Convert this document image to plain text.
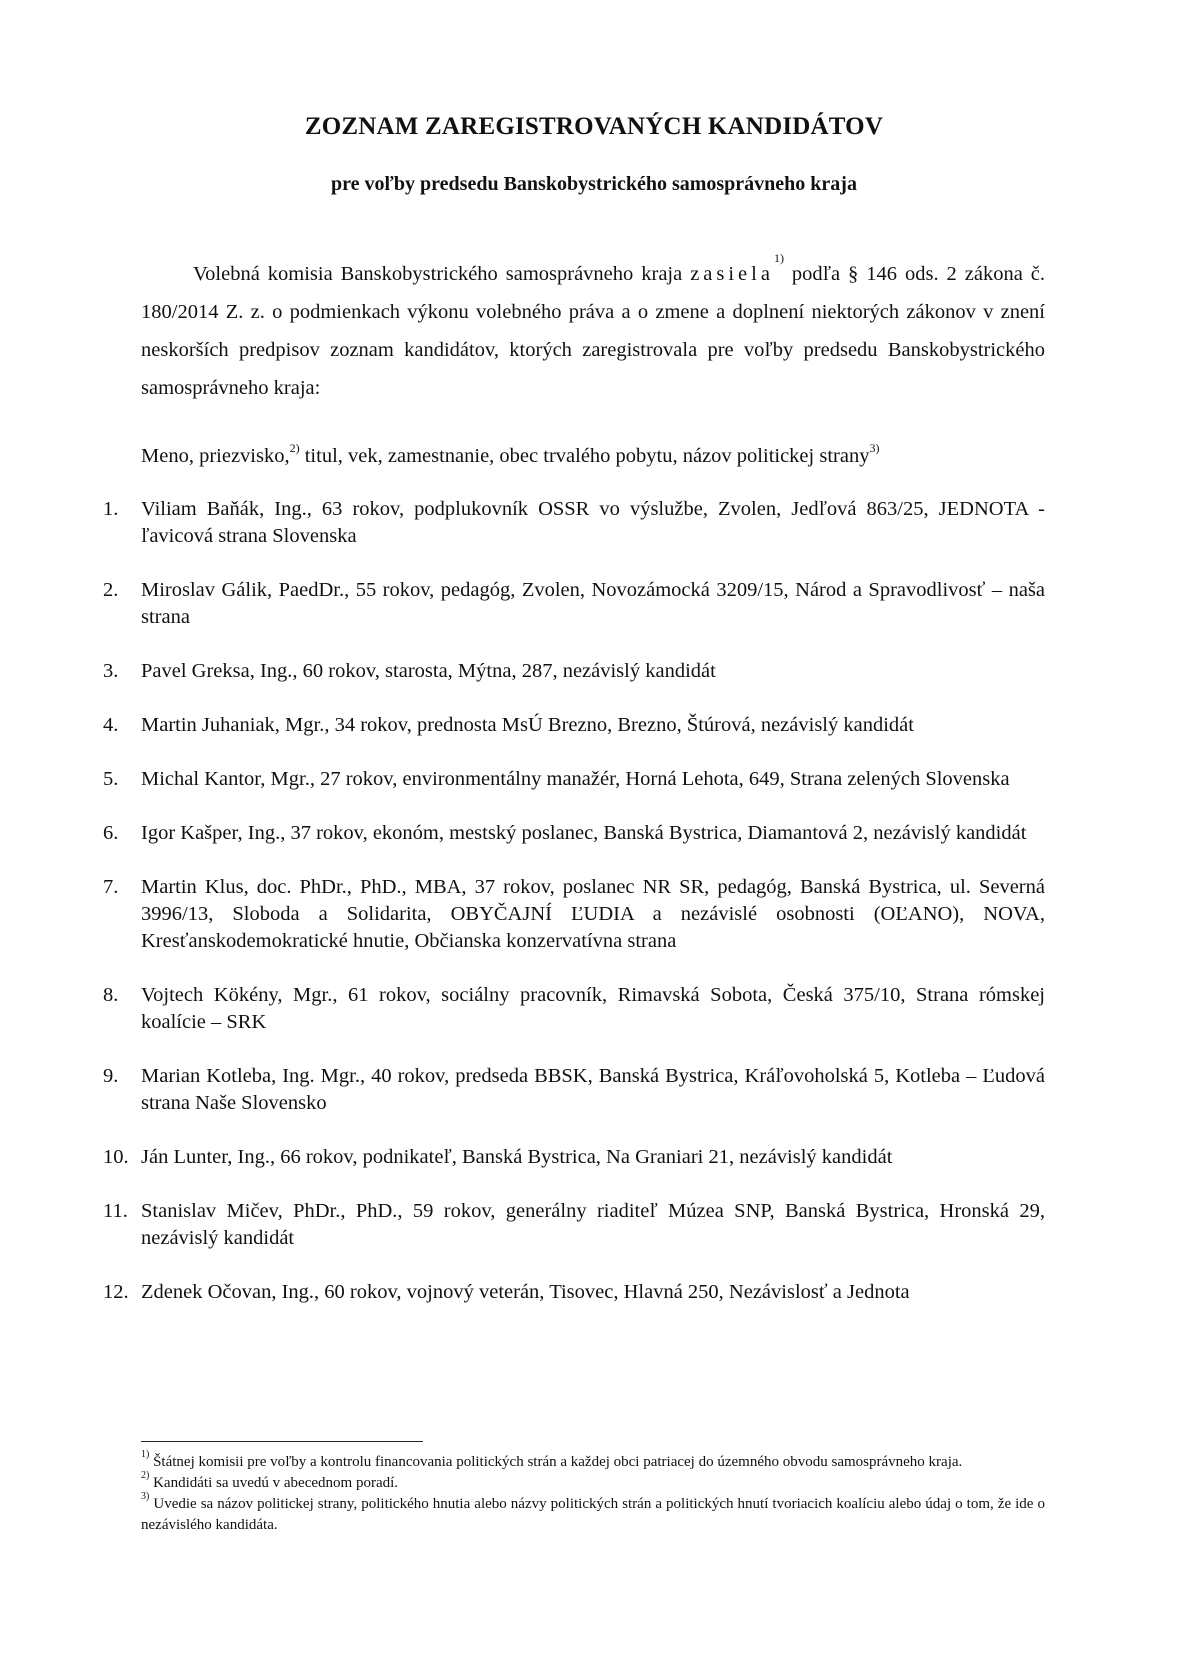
ZOZNAM ZAREGISTROVANÝCH KANDIDÁTOV
pre voľby predsedu Banskobystrického samosprávneho kraja

Volebná komisia Banskobystrického samosprávneho kraja zasiela$^{1)}$ podľa § 146 ods. 2 zákona č. 180/2014 Z. z. o podmienkach výkonu volebného práva a o zmene a doplnení niektorých zákonov v znení neskorších predpisov zoznam kandidátov, ktorých zaregistrovala pre voľby predsedu Banskobystrického samosprávneho kraja:

Meno, priezvisko,$^{2)}$ titul, vek, zamestnanie, obec trvalého pobytu, názov politickej strany$^{3)}$

1.	Viliam Baňák, Ing., 63 rokov, podplukovník OSSR vo výslužbe, Zvolen, Jedľová 863/25, JEDNOTA - ľavicová strana Slovenska
2.	Miroslav Gálik, PaedDr., 55 rokov, pedagóg, Zvolen, Novozámocká 3209/15, Národ a Spravodlivosť – naša strana
3.	Pavel Greksa, Ing., 60 rokov, starosta, Mýtna, 287, nezávislý kandidát
4.	Martin Juhaniak, Mgr., 34 rokov, prednosta MsÚ Brezno, Brezno, Štúrová, nezávislý kandidát
5.	Michal Kantor, Mgr., 27 rokov, environmentálny manažér, Horná Lehota, 649, Strana zelených Slovenska
6.	Igor Kašper, Ing., 37 rokov, ekonóm, mestský poslanec, Banská Bystrica, Diamantová 2, nezávislý kandidát
7.	Martin Klus, doc. PhDr., PhD., MBA, 37 rokov, poslanec NR SR, pedagóg, Banská Bystrica, ul. Severná 3996/13, Sloboda a Solidarita, OBYČAJNÍ ĽUDIA a nezávislé osobnosti (OĽANO), NOVA, Kresťanskodemokratické hnutie, Občianska konzervatívna strana
8.	Vojtech Kökény, Mgr., 61 rokov, sociálny pracovník, Rimavská Sobota, Česká 375/10, Strana rómskej koalície – SRK
9.	Marian Kotleba, Ing. Mgr., 40 rokov, predseda BBSK, Banská Bystrica, Kráľovoholská 5, Kotleba – Ľudová strana Naše Slovensko
10. Ján Lunter, Ing., 66 rokov, podnikateľ, Banská Bystrica, Na Graniari 21, nezávislý kandidát
11. Stanislav Mičev, PhDr., PhD., 59 rokov, generálny riaditeľ Múzea SNP, Banská Bystrica, Hronská 29, nezávislý kandidát
12. Zdenek Očovan, Ing., 60 rokov, vojnový veterán, Tisovec, Hlavná 250, Nezávislosť a Jednota

$^{1)}$ Štátnej komisii pre voľby a kontrolu financovania politických strán a každej obci patriacej do územného obvodu samosprávneho kraja.

$^{2)}$ Kandidáti sa uvedú v abecednom poradí.

$^{3)}$ Uvedie sa názov politickej strany, politického hnutia alebo názvy politických strán a politických hnutí tvoriacich koalíciu alebo údaj o tom, že ide o nezávislého kandidáta.
